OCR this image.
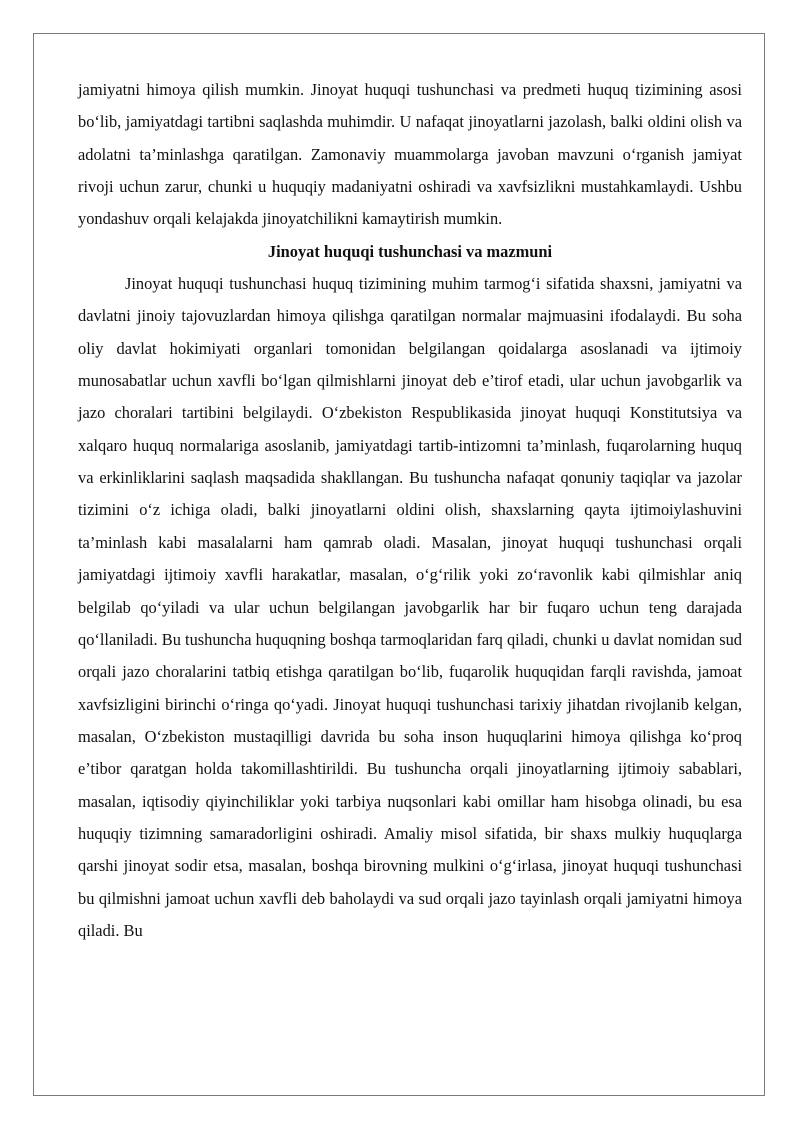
jamiyatni himoya qilish mumkin. Jinoyat huquqi tushunchasi va predmeti huquq tizimining asosi bo‘lib, jamiyatdagi tartibni saqlashda muhimdir. U nafaqat jinoyatlarni jazolash, balki oldini olish va adolatni ta’minlashga qaratilgan. Zamonaviy muammolarga javoban mavzuni o‘rganish jamiyat rivoji uchun zarur, chunki u huquqiy madaniyatni oshiradi va xavfsizlikni mustahkamlaydi. Ushbu yondashuv orqali kelajakda jinoyatchilikni kamaytirish mumkin.

Jinoyat huquqi tushunchasi va mazmuni

Jinoyat huquqi tushunchasi huquq tizimining muhim tarmog‘i sifatida shaxsni, jamiyatni va davlatni jinoiy tajovuzlardan himoya qilishga qaratilgan normalar majmuasini ifodalaydi. Bu soha oliy davlat hokimiyati organlari tomonidan belgilangan qoidalarga asoslanadi va ijtimoiy munosabatlar uchun xavfli bo‘lgan qilmishlarni jinoyat deb e’tirof etadi, ular uchun javobgarlik va jazo choralari tartibini belgilaydi. O‘zbekiston Respublikasida jinoyat huquqi Konstitutsiya va xalqaro huquq normalariga asoslanib, jamiyatdagi tartib-intizomni ta’minlash, fuqarolarning huquq va erkinliklarini saqlash maqsadida shakllangan. Bu tushuncha nafaqat qonuniy taqiqlar va jazolar tizimini o‘z ichiga oladi, balki jinoyatlarni oldini olish, shaxslarning qayta ijtimoiylashuvini ta’minlash kabi masalalarni ham qamrab oladi. Masalan, jinoyat huquqi tushunchasi orqali jamiyatdagi ijtimoiy xavfli harakatlar, masalan, o‘g‘rilik yoki zo‘ravonlik kabi qilmishlar aniq belgilab qo‘yiladi va ular uchun belgilangan javobgarlik har bir fuqaro uchun teng darajada qo‘llaniladi. Bu tushuncha huquqning boshqa tarmoqlaridan farq qiladi, chunki u davlat nomidan sud orqali jazo choralarini tatbiq etishga qaratilgan bo‘lib, fuqarolik huquqidan farqli ravishda, jamoat xavfsizligini birinchi o‘ringa qo‘yadi. Jinoyat huquqi tushunchasi tarixiy jihatdan rivojlanib kelgan, masalan, O‘zbekiston mustaqilligi davrida bu soha inson huquqlarini himoya qilishga ko‘proq e’tibor qaratgan holda takomillashtirildi. Bu tushuncha orqali jinoyatlarning ijtimoiy sabablari, masalan, iqtisodiy qiyinchiliklar yoki tarbiya nuqsonlari kabi omillar ham hisobga olinadi, bu esa huquqiy tizimning samaradorligini oshiradi. Amaliy misol sifatida, bir shaxs mulkiy huquqlarga qarshi jinoyat sodir etsa, masalan, boshqa birovning mulkini o‘g‘irlasa, jinoyat huquqi tushunchasi bu qilmishni jamoat uchun xavfli deb baholaydi va sud orqali jazo tayinlash orqali jamiyatni himoya qiladi. Bu
